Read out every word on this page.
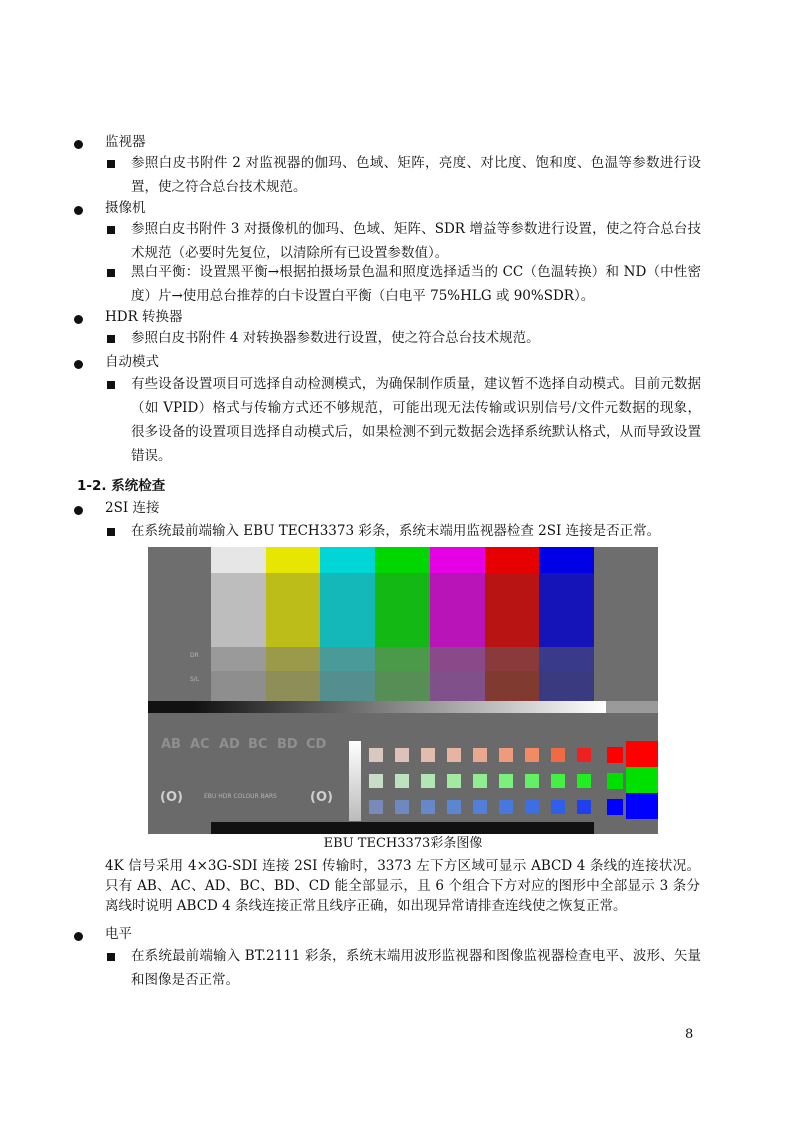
监视器
参照白皮书附件 2 对监视器的伽玛、色域、矩阵，亮度、对比度、饱和度、色温等参数进行设置，使之符合总台技术规范。
摄像机
参照白皮书附件 3 对摄像机的伽玛、色域、矩阵、SDR 增益等参数进行设置，使之符合总台技术规范（必要时先复位，以清除所有已设置参数值）。
黑白平衡：设置黑平衡→根据拍摄场景色温和照度选择适当的 CC（色温转换）和 ND（中性密度）片→使用总台推荐的白卡设置白平衡（白电平 75%HLG 或 90%SDR）。
HDR 转换器
参照白皮书附件 4 对转换器参数进行设置，使之符合总台技术规范。
自动模式
有些设备设置项目可选择自动检测模式，为确保制作质量，建议暂不选择自动模式。目前元数据（如 VPID）格式与传输方式还不够规范，可能出现无法传输或识别信号/文件元数据的现象，很多设备的设置项目选择自动模式后，如果检测不到元数据会选择系统默认格式，从而导致设置错误。
1-2. 系统检查
2SI 连接
在系统最前端输入 EBU TECH3373 彩条，系统末端用监视器检查 2SI 连接是否正常。
DR
S/L
AB AC AD BC BD CD
(O)	EBU HDR COLOUR BARS	(O)
EBU TECH3373彩条图像
4K 信号采用 4×3G-SDI 连接 2SI 传输时，3373 左下方区域可显示 ABCD 4 条线的连接状况。只有 AB、AC、AD、BC、BD、CD 能全部显示，且 6 个组合下方对应的图形中全部显示 3 条分离线时说明 ABCD 4 条线连接正常且线序正确，如出现异常请排查连线使之恢复正常。
电平
在系统最前端输入 BT.2111 彩条，系统末端用波形监视器和图像监视器检查电平、波形、矢量和图像是否正常。
8
